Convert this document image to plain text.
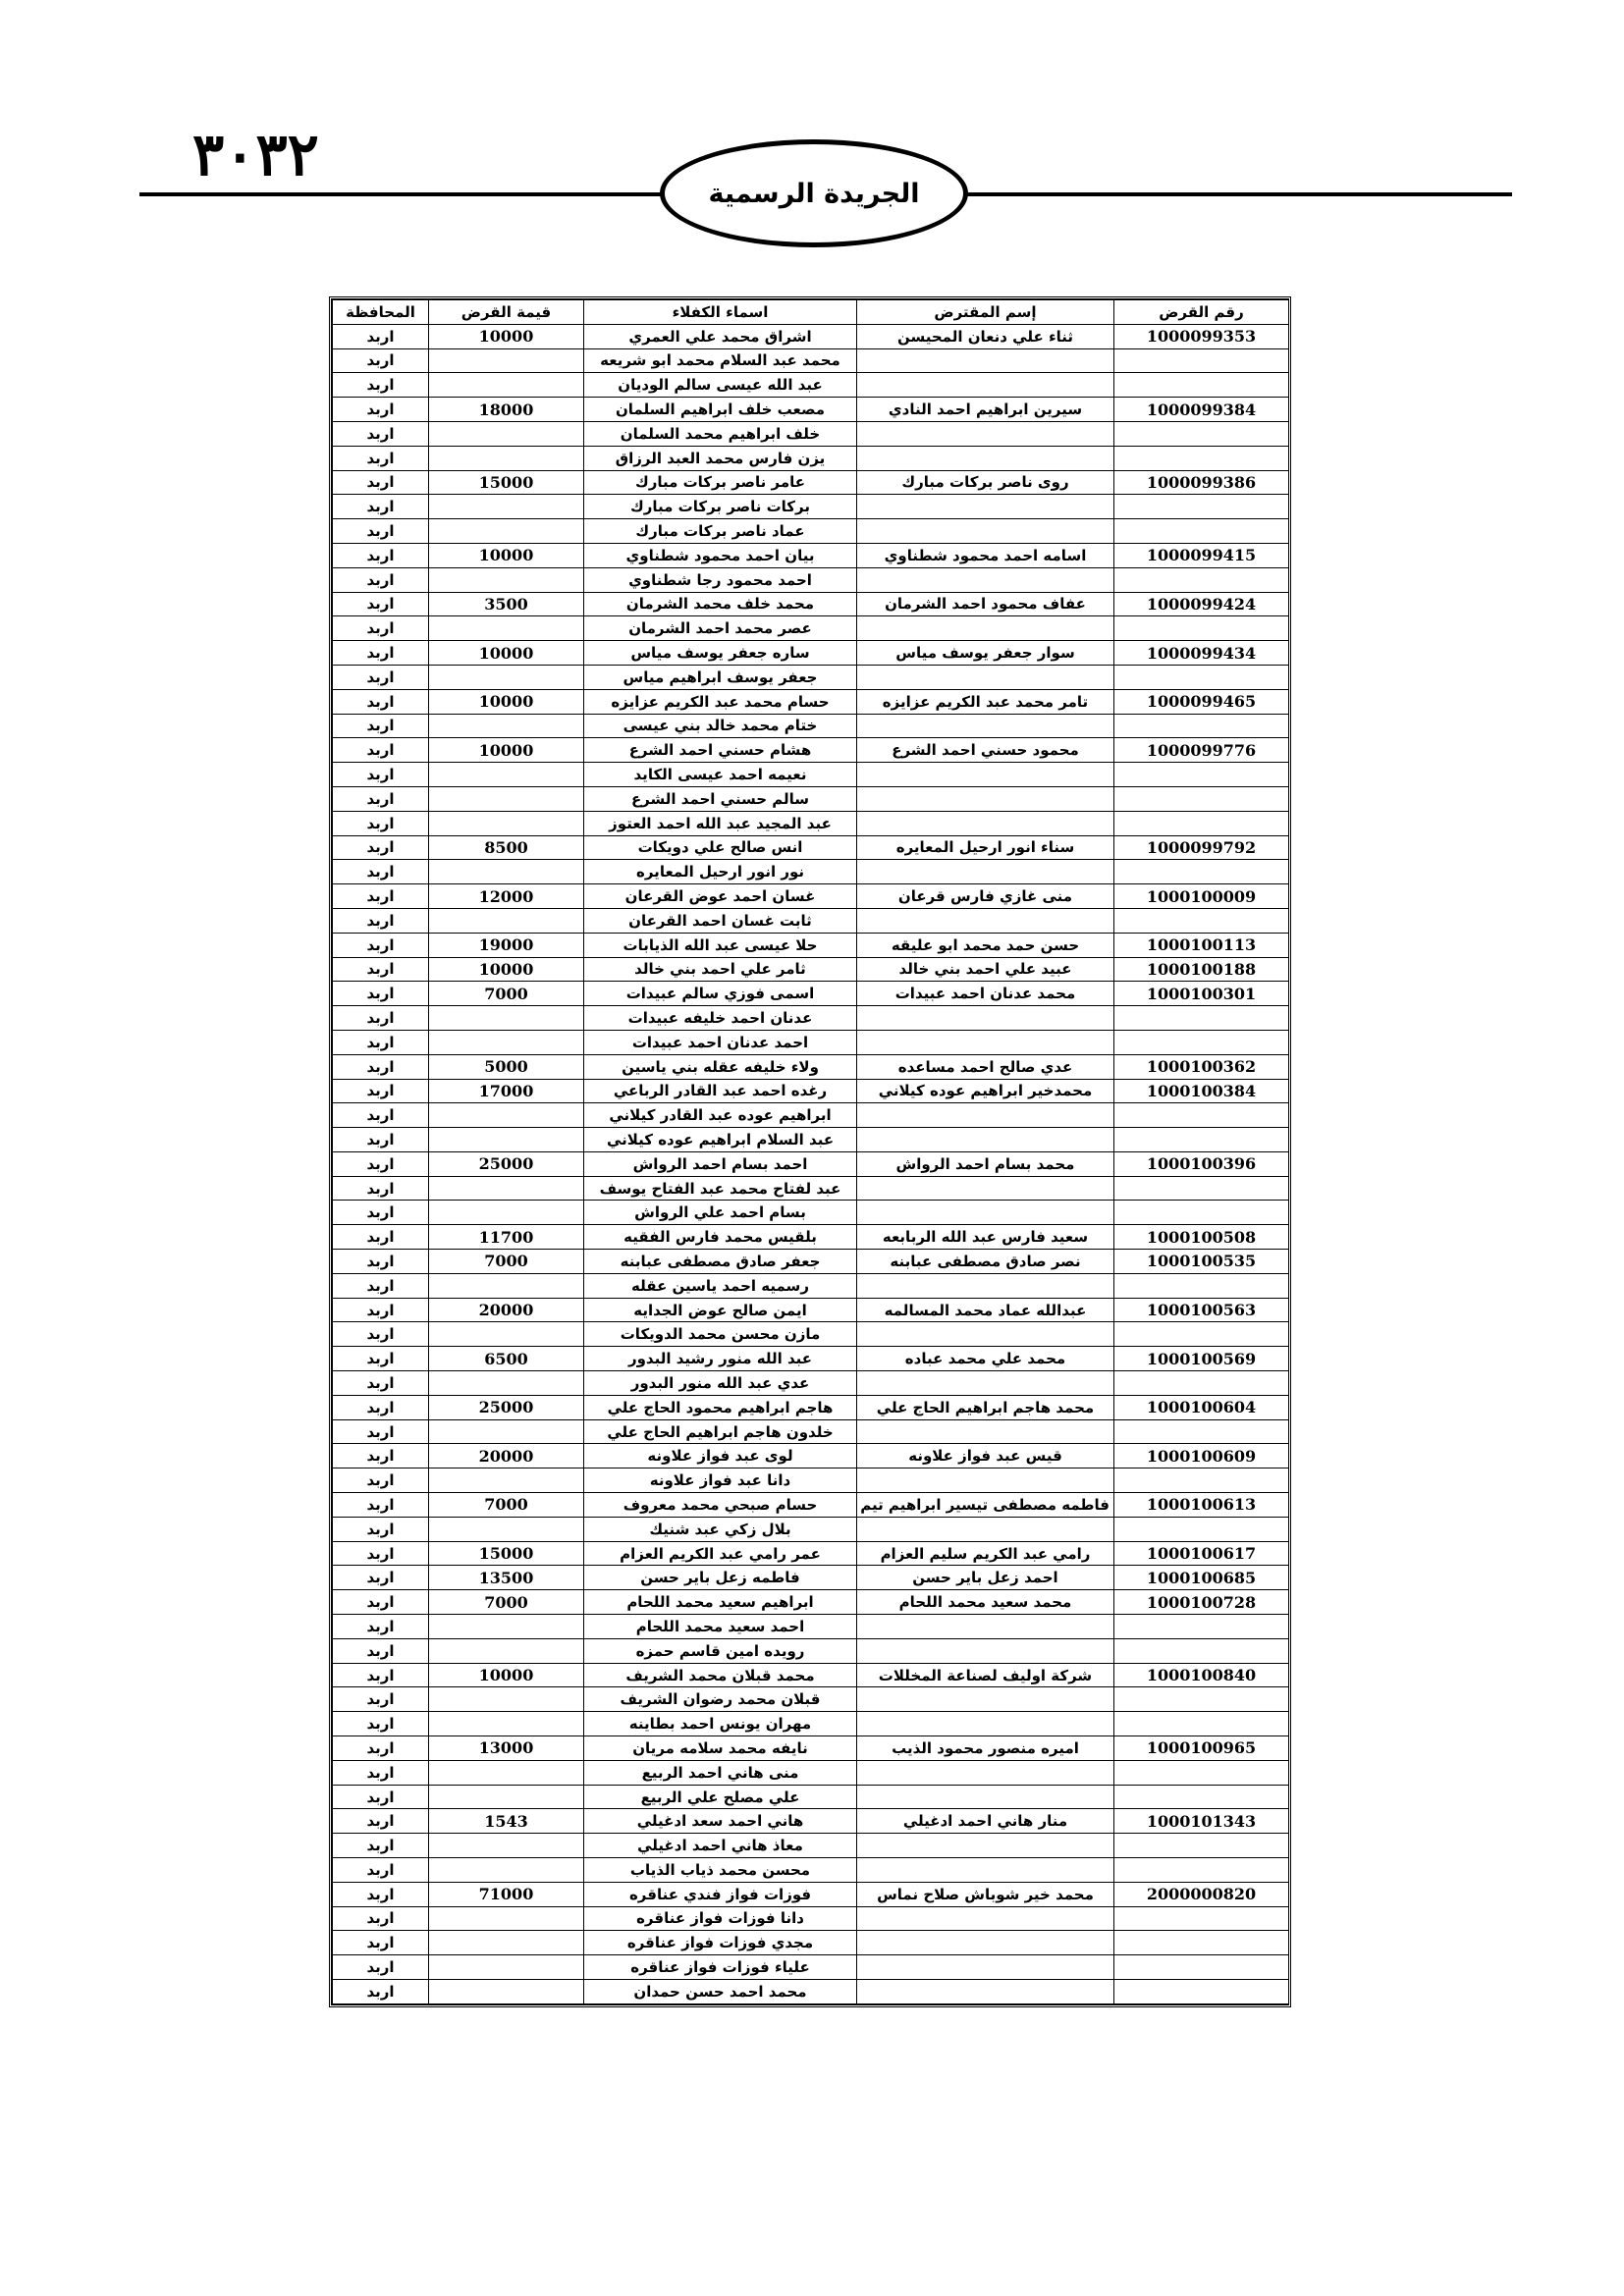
٣٠٣٢
الجريدة الرسمية
رقم القرض	إسم المقترض	اسماء الكفلاء	قيمة القرض	المحافظة
1000099353	ثناء علي دنعان المحيسن	اشراق محمد علي العمري	10000	اربد
		محمد عبد السلام محمد ابو شريعه		اربد
		عبد الله عيسى سالم الوديان		اربد
1000099384	سيرين ابراهيم احمد النادي	مصعب خلف ابراهيم السلمان	18000	اربد
		خلف ابراهيم محمد السلمان		اربد
		يزن فارس محمد العبد الرزاق		اربد
1000099386	روى ناصر بركات مبارك	عامر ناصر بركات مبارك	15000	اربد
		بركات ناصر بركات مبارك		اربد
		عماد ناصر بركات مبارك		اربد
1000099415	اسامه احمد محمود شطناوي	بيان احمد محمود شطناوي	10000	اربد
		احمد محمود رجا شطناوي		اربد
1000099424	عفاف محمود احمد الشرمان	محمد خلف محمد الشرمان	3500	اربد
		عصر محمد احمد الشرمان		اربد
1000099434	سوار جعفر يوسف مياس	ساره جعفر يوسف مياس	10000	اربد
		جعفر يوسف ابراهيم مياس		اربد
1000099465	تامر محمد عبد الكريم عزايزه	حسام محمد عبد الكريم عزايزه	10000	اربد
		ختام محمد خالد بني عيسى		اربد
1000099776	محمود حسني احمد الشرع	هشام حسني احمد الشرع	10000	اربد
		نعيمه احمد عيسى الكايد		اربد
		سالم حسني احمد الشرع		اربد
		عبد المجيد عبد الله احمد العتوز		اربد
1000099792	سناء انور ارحيل المعايره	انس صالح علي دويكات	8500	اربد
		نور انور ارحيل المعايره		اربد
1000100009	منى غازي فارس قرعان	غسان احمد عوض القرعان	12000	اربد
		ثابت غسان احمد القرعان		اربد
1000100113	حسن حمد محمد ابو عليقه	حلا عيسى عبد الله الذيابات	19000	اربد
1000100188	عبيد علي احمد بني خالد	ثامر علي احمد بني خالد	10000	اربد
1000100301	محمد عدنان احمد عبيدات	اسمى فوزي سالم عبيدات	7000	اربد
		عدنان احمد خليفه عبيدات		اربد
		احمد عدنان احمد عبيدات		اربد
1000100362	عدي صالح احمد مساعده	ولاء خليفه عقله بني ياسين	5000	اربد
1000100384	محمدخير ابراهيم عوده كيلاني	رغده احمد عبد القادر الرباعي	17000	اربد
		ابراهيم عوده عبد القادر كيلاني		اربد
		عبد السلام ابراهيم عوده كيلاني		اربد
1000100396	محمد بسام احمد الرواش	احمد بسام احمد الرواش	25000	اربد
		عبد لفتاح محمد عبد الفتاح يوسف		اربد
		بسام احمد علي الرواش		اربد
1000100508	سعيد فارس عبد الله الربابعه	بلقيس محمد فارس الفقيه	11700	اربد
1000100535	نصر صادق مصطفى عبابنه	جعفر صادق مصطفى عبابنه	7000	اربد
		رسميه احمد ياسين عقله		اربد
1000100563	عبدالله عماد محمد المسالمه	ايمن صالح عوض الجدايه	20000	اربد
		مازن محسن محمد الدويكات		اربد
1000100569	محمد علي محمد عباده	عبد الله منور رشيد البدور	6500	اربد
		عدي عبد الله منور البدور		اربد
1000100604	محمد هاجم ابراهيم الحاج علي	هاجم ابراهيم محمود الحاج علي	25000	اربد
		خلدون هاجم ابراهيم الحاج علي		اربد
1000100609	قيس عبد فواز علاونه	لوى عبد فواز علاونه	20000	اربد
		دانا عبد فواز علاونه		اربد
1000100613	فاطمه مصطفى تيسير ابراهيم تيم	حسام صبحي محمد معروف	7000	اربد
		بلال زكي عبد شنيك		اربد
1000100617	رامي عبد الكريم سليم العزام	عمر رامي عبد الكريم العزام	15000	اربد
1000100685	احمد زعل باير حسن	فاطمه زعل باير حسن	13500	اربد
1000100728	محمد سعيد محمد اللحام	ابراهيم سعيد محمد اللحام	7000	اربد
		احمد سعيد محمد اللحام		اربد
		رويده امين قاسم حمزه		اربد
1000100840	شركة اوليف لصناعة المخللات	محمد قبلان محمد الشريف	10000	اربد
		قبلان محمد رضوان الشريف		اربد
		مهران يونس احمد بطاينه		اربد
1000100965	اميره منصور محمود الذيب	نايفه محمد سلامه مريان	13000	اربد
		منى هاني احمد الربيع		اربد
		علي مصلح علي الربيع		اربد
1000101343	منار هاني احمد ادغيلي	هاني احمد سعد ادغيلي	1543	اربد
		معاذ هاني احمد ادغيلي		اربد
		محسن محمد ذياب الذياب		اربد
2000000820	محمد خير شوباش صلاح نماس	فوزات فواز فندي عناقره	71000	اربد
		دانا فوزات فواز عناقره		اربد
		مجدي فوزات فواز عناقره		اربد
		علياء فوزات فواز عناقره		اربد
		محمد احمد حسن حمدان		اربد
